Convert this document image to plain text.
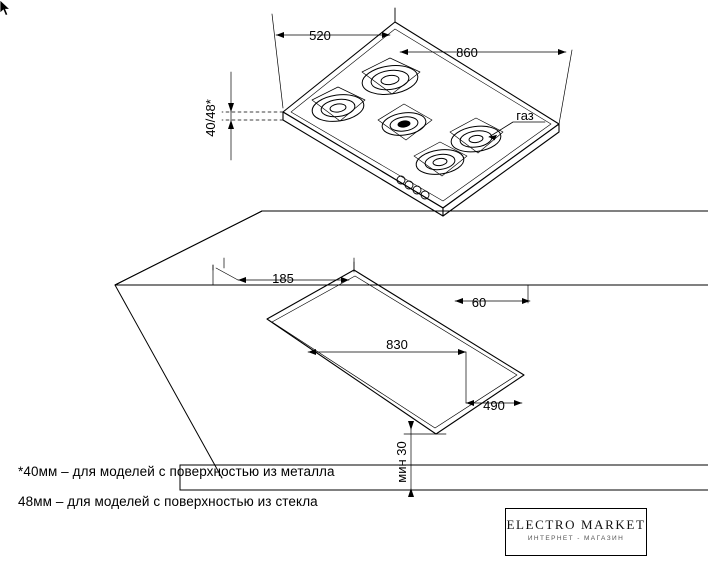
520
860
185
60
830
490
газ
40/48*
мин 30
*40мм – для моделей с поверхностью из металла
48мм – для моделей с поверхностью из стекла
ELECTRO MARKET
ИНТЕРНЕТ - МАГАЗИН
